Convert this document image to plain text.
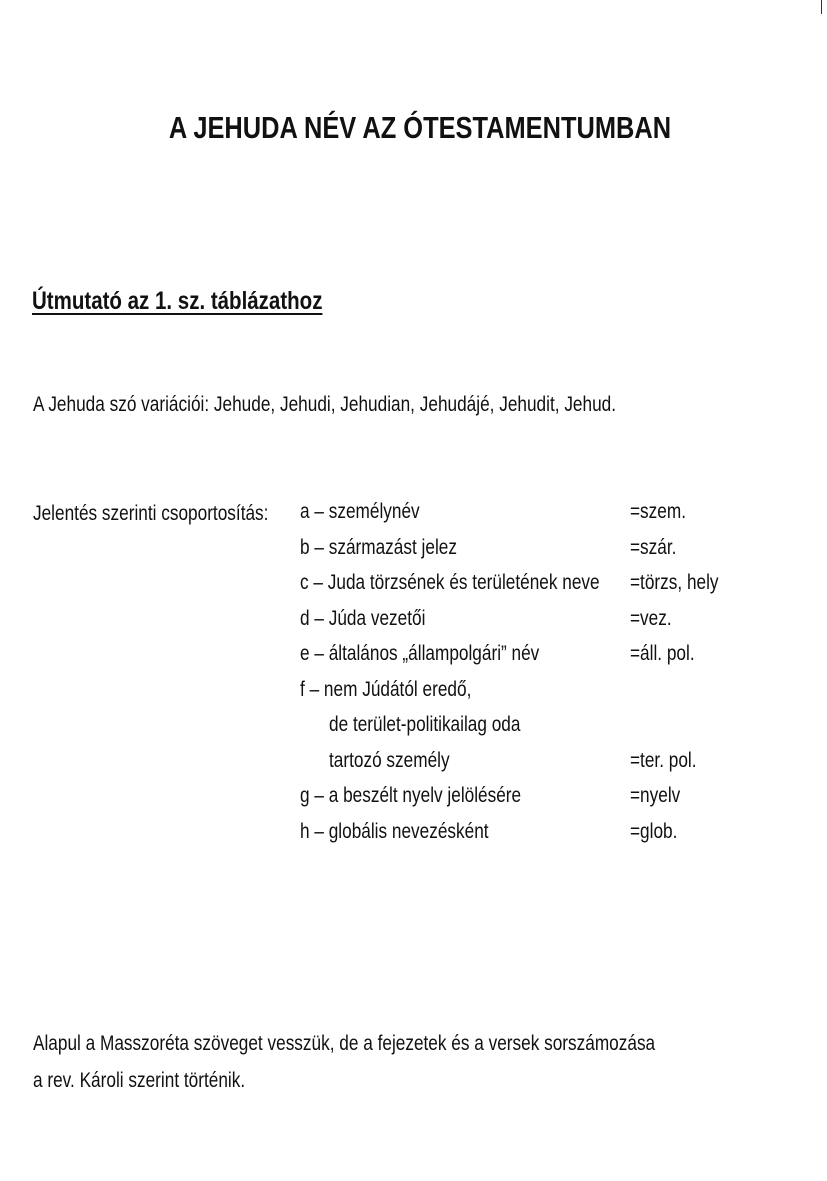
A JEHUDA NÉV AZ ÓTESTAMENTUMBAN
Útmutató az 1. sz. táblázathoz
A Jehuda szó variációi: Jehude, Jehudi, Jehudian, Jehudájé, Jehudit, Jehud.
Jelentés szerinti csoportosítás: a – személynév	=szem.
b – származást jelez	=szár.
c – Juda törzsének és területének neve =törzs, hely
d – Júda vezetői	=vez.
e – általános „állampolgári” név	=áll. pol.
f – nem Júdától eredő,
de terület-politikailag oda
tartozó személy	=ter. pol.
g – a beszélt nyelv jelölésére	=nyelv
h – globális nevezésként	=glob.
Alapul a Masszoréta szöveget vesszük, de a fejezetek és a versek sorszámozása
a rev. Károli szerint történik.
